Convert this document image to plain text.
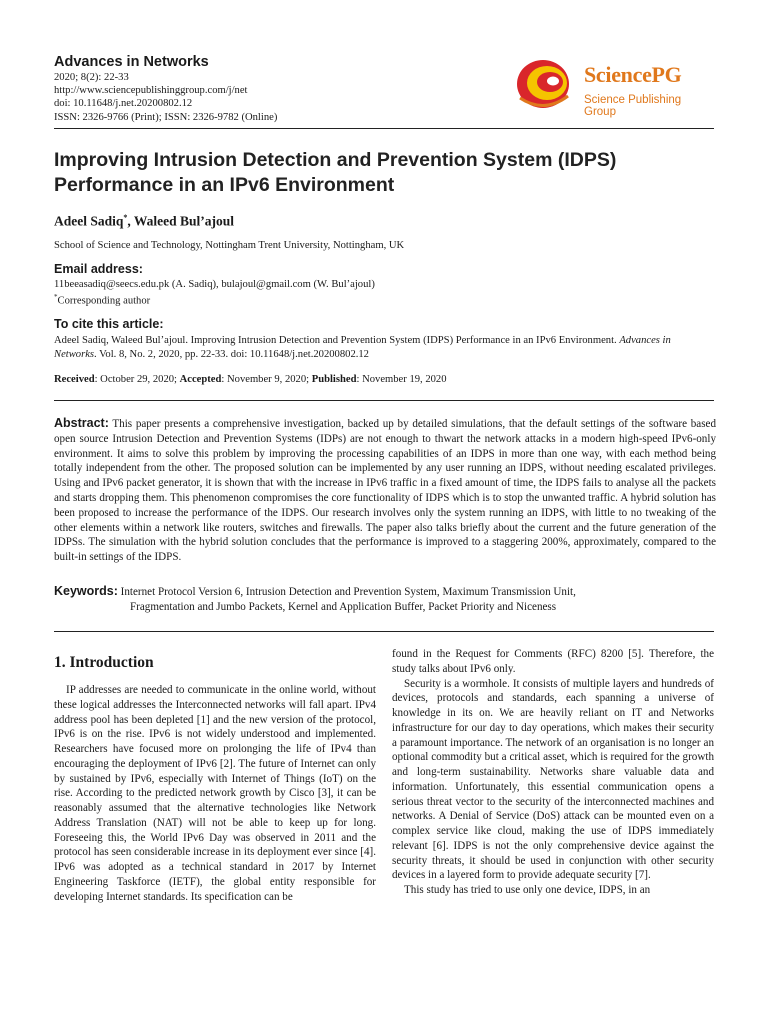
Advances in Networks
2020; 8(2): 22-33
http://www.sciencepublishinggroup.com/j/net
doi: 10.11648/j.net.20200802.12
ISSN: 2326-9766 (Print); ISSN: 2326-9782 (Online)
SciencePG
Science Publishing Group
Improving Intrusion Detection and Prevention System (IDPS)
Performance in an IPv6 Environment
Adeel Sadiq*, Waleed Bul’ajoul
School of Science and Technology, Nottingham Trent University, Nottingham, UK
Email address:
11beeasadiq@seecs.edu.pk (A. Sadiq), bulajoul@gmail.com (W. Bul’ajoul)
*Corresponding author
To cite this article:
Adeel Sadiq, Waleed Bul’ajoul. Improving Intrusion Detection and Prevention System (IDPS) Performance in an IPv6 Environment. Advances in Networks. Vol. 8, No. 2, 2020, pp. 22-33. doi: 10.11648/j.net.20200802.12
Received: October 29, 2020; Accepted: November 9, 2020; Published: November 19, 2020
Abstract: This paper presents a comprehensive investigation, backed up by detailed simulations, that the default settings of the software based open source Intrusion Detection and Prevention Systems (IDPs) are not enough to thwart the network attacks in a modern high-speed IPv6-only environment. It aims to solve this problem by improving the processing capabilities of an IDPS in more than one way, with each method being totally independent from the other. The proposed solution can be implemented by any user running an IDPS, without needing escalated privileges. Using and IPv6 packet generator, it is shown that with the increase in IPv6 traffic in a fixed amount of time, the IDPS fails to analyse all the packets and starts dropping them. This phenomenon compromises the core functionality of IDPS which is to stop the unwanted traffic. A hybrid solution has been proposed to increase the performance of the IDPS. Our research involves only the system running an IDPS, with little to no tweaking of the other elements within a network like routers, switches and firewalls. The paper also talks briefly about the current and the future generation of the IDPSs. The simulation with the hybrid solution concludes that the performance is improved to a staggering 200%, approximately, compared to the built-in settings of the IDPS.
Keywords: Internet Protocol Version 6, Intrusion Detection and Prevention System, Maximum Transmission Unit,
Fragmentation and Jumbo Packets, Kernel and Application Buffer, Packet Priority and Niceness
1. Introduction

IP addresses are needed to communicate in the online world, without these logical addresses the Interconnected networks will fall apart. IPv4 address pool has been depleted [1] and the new version of the protocol, IPv6 is on the rise. IPv6 is not widely understood and implemented. Researchers have focused more on prolonging the life of IPv4 than encouraging the deployment of IPv6 [2]. The future of Internet can only by sustained by IPv6, especially with Internet of Things (IoT) on the rise. According to the predicted network growth by Cisco [3], it can be reasonably assumed that the alternative technologies like Network Address Translation (NAT) will not be able to keep up for long. Foreseeing this, the World IPv6 Day was observed in 2011 and the protocol has seen considerable increase in its deployment ever since [4]. IPv6 was adopted as a technical standard in 2017 by Internet Engineering Taskforce (IETF), the global entity responsible for developing Internet standards. Its specification can be

found in the Request for Comments (RFC) 8200 [5]. Therefore, the study talks about IPv6 only.

Security is a wormhole. It consists of multiple layers and hundreds of devices, protocols and standards, each spanning a universe of knowledge in its on. We are heavily reliant on IT and Networks infrastructure for our day to day operations, which makes their security a paramount importance. The network of an organisation is no longer an optional commodity but a critical asset, which is required for the growth and long-term sustainability. Networks share valuable data and information. Unfortunately, this essential communication opens a serious threat vector to the security of the interconnected machines and networks. A Denial of Service (DoS) attack can be mounted even on a complex service like cloud, making the use of IDPS immediately relevant [6]. IDPS is not the only comprehensive device against the security threats, it should be used in conjunction with other security devices in a layered form to provide adequate security [7].

This study has tried to use only one device, IDPS, in an
